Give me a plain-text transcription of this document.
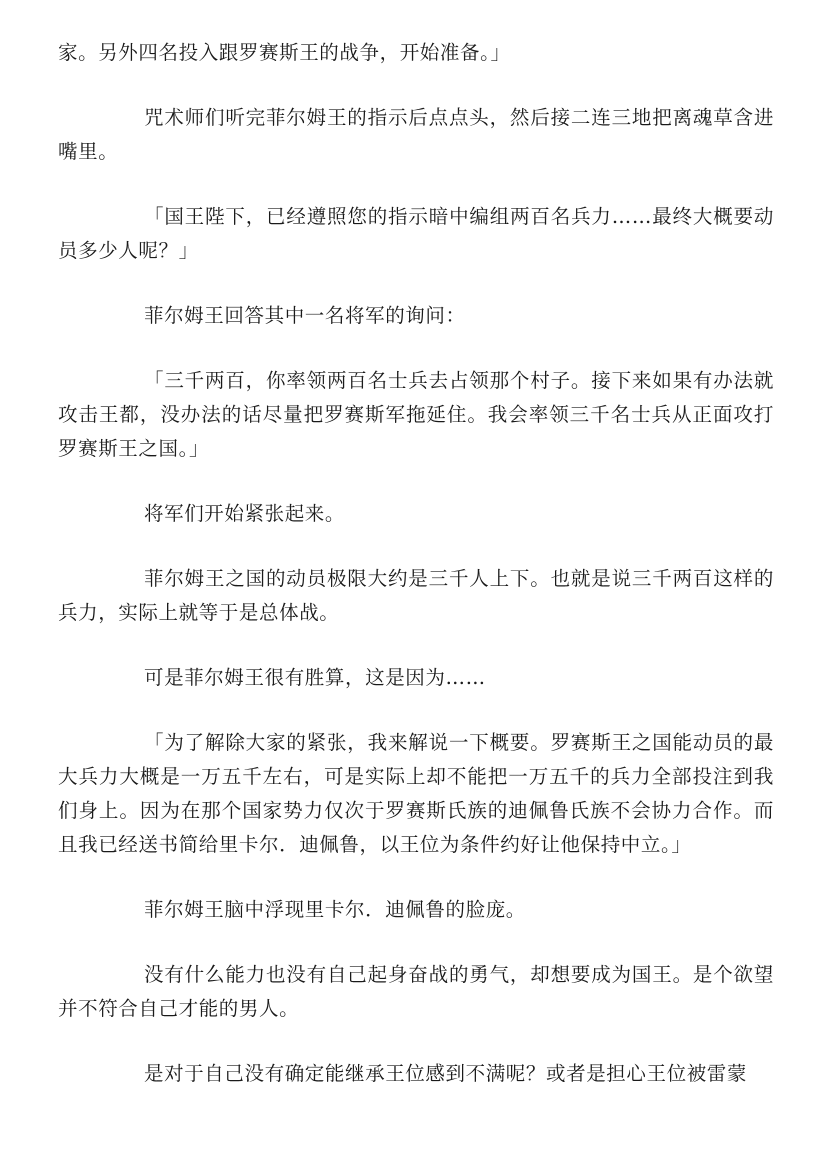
家。另外四名投入跟罗赛斯王的战争，开始准备。」

咒术师们听完菲尔姆王的指示后点点头，然后接二连三地把离魂草含进嘴里。

「国王陛下，已经遵照您的指示暗中编组两百名兵力……最终大概要动员多少人呢？」

菲尔姆王回答其中一名将军的询问：

「三千两百，你率领两百名士兵去占领那个村子。接下来如果有办法就攻击王都，没办法的话尽量把罗赛斯军拖延住。我会率领三千名士兵从正面攻打罗赛斯王之国。」

将军们开始紧张起来。

菲尔姆王之国的动员极限大约是三千人上下。也就是说三千两百这样的兵力，实际上就等于是总体战。

可是菲尔姆王很有胜算，这是因为……

「为了解除大家的紧张，我来解说一下概要。罗赛斯王之国能动员的最大兵力大概是一万五千左右，可是实际上却不能把一万五千的兵力全部投注到我们身上。因为在那个国家势力仅次于罗赛斯氏族的迪佩鲁氏族不会协力合作。而且我已经送书简给里卡尔．迪佩鲁，以王位为条件约好让他保持中立。」

菲尔姆王脑中浮现里卡尔．迪佩鲁的脸庞。

没有什么能力也没有自己起身奋战的勇气，却想要成为国王。是个欲望并不符合自己才能的男人。

是对于自己没有确定能继承王位感到不满呢？或者是担心王位被雷蒙
